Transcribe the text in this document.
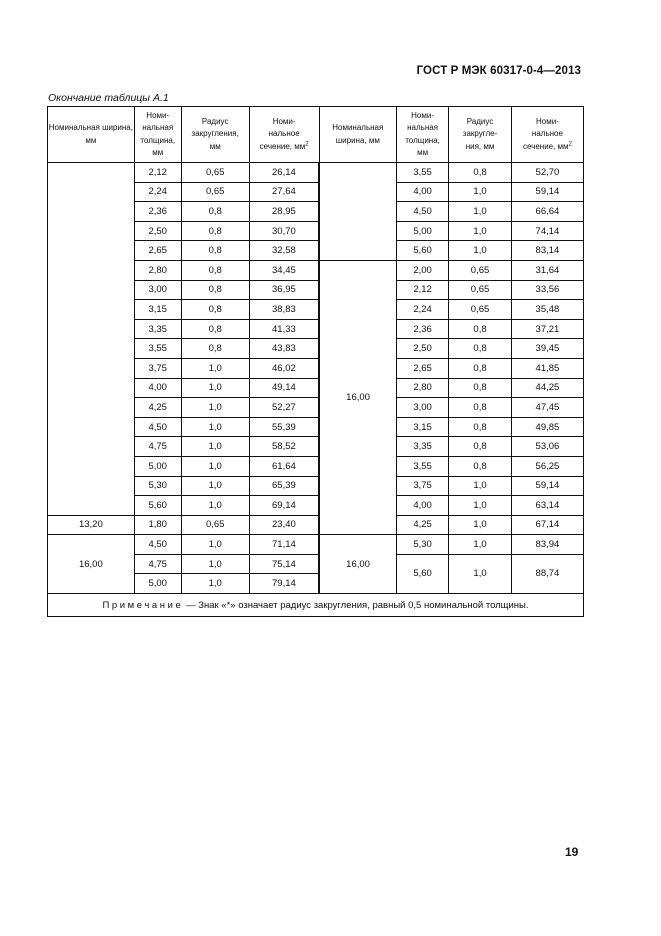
ГОСТ Р МЭК 60317-0-4—2013
Окончание таблицы А.1
Номинальная ширина, мм	Номи-
нальная
толщина,
мм	Радиус
закругления,
мм	Номи-
нальное
сечение, $мм^2$	Номинальная ширина, мм	Номи-
нальная
толщина,
мм	Радиус
закругле-
ния, мм	Номи-
нальное
сечение, $мм^2$
	2,12	0,65	26,14		3,55	0,8	52,70
	2,24	0,65	27,64		4,00	1,0	59,14
	2,36	0,8	28,95		4,50	1,0	66,64
	2,50	0,8	30,70		5,00	1,0	74,14
	2,65	0,8	32,58		5,60	1,0	83,14
	2,80	0,8	34,45	16,00	2,00	0,65	31,64
	3,00	0,8	36,95		2,12	0,65	33,56
	3,15	0,8	38,83		2,24	0,65	35,48
	3,35	0,8	41,33		2,36	0,8	37,21
	3,55	0,8	43,83		2,50	0,8	39,45
	3,75	1,0	46,02		2,65	0,8	41,85
	4,00	1,0	49,14		2,80	0,8	44,25
	4,25	1,0	52,27		3,00	0,8	47,45
	4,50	1,0	55,39		3,15	0,8	49,85
	4,75	1,0	58,52		3,35	0,8	53,06
	5,00	1,0	61,64		3,55	0,8	56,25
	5,30	1,0	65,39		3,75	1,0	59,14
	5,60	1,0	69,14		4,00	1,0	63,14
13,20	1,80	0,65	23,40		4,25	1,0	67,14
16,00	4,50	1,0	71,14	16,00	5,30	1,0	83,94
	4,75	1,0	75,14		5,60	1,0	88,74
	5,00	1,0	79,14				
Примечание — Знак «*» означает радиус закругления, равный 0,5 номинальной толщины.							
19
